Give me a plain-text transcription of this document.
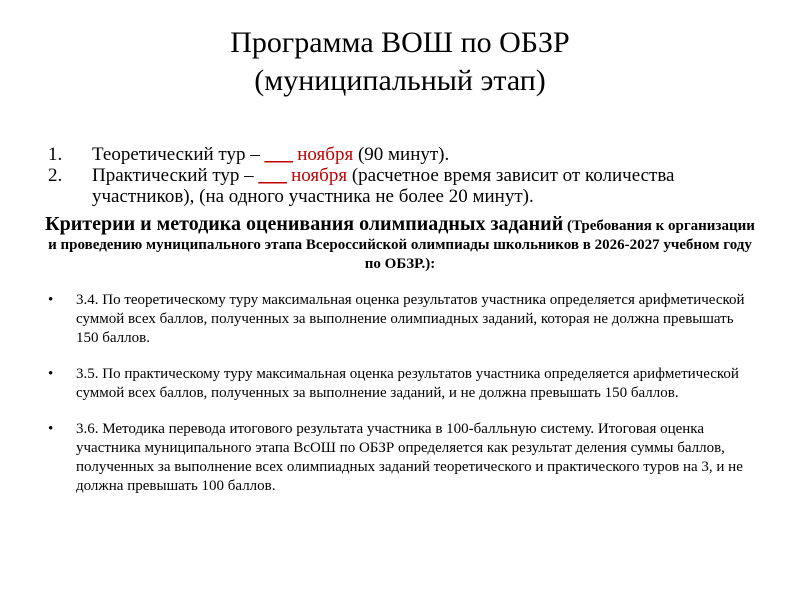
Программа ВОШ по ОБЗР
(муниципальный этап)
1.	Теоретический тур – ___ ноября (90 минут).
2.	Практический тур – ___ ноября (расчетное время зависит от количества участников), (на одного участника не более 20 минут).
Критерии и методика оценивания олимпиадных заданий (Требования к организации и проведению муниципального этапа Всероссийской олимпиады школьников в 2026-2027 учебном году по ОБЗР.):
•	3.4. По теоретическому туру максимальная оценка результатов участника определяется арифметической суммой всех баллов, полученных за выполнение олимпиадных заданий, которая не должна превышать 150 баллов.
•	3.5. По практическому туру максимальная оценка результатов участника определяется арифметической суммой всех баллов, полученных за выполнение заданий, и не должна превышать 150 баллов.
•	3.6. Методика перевода итогового результата участника в 100-балльную систему. Итоговая оценка участника муниципального этапа ВсОШ по ОБЗР определяется как результат деления суммы баллов, полученных за выполнение всех олимпиадных заданий теоретического и практического туров на 3, и не должна превышать 100 баллов.
